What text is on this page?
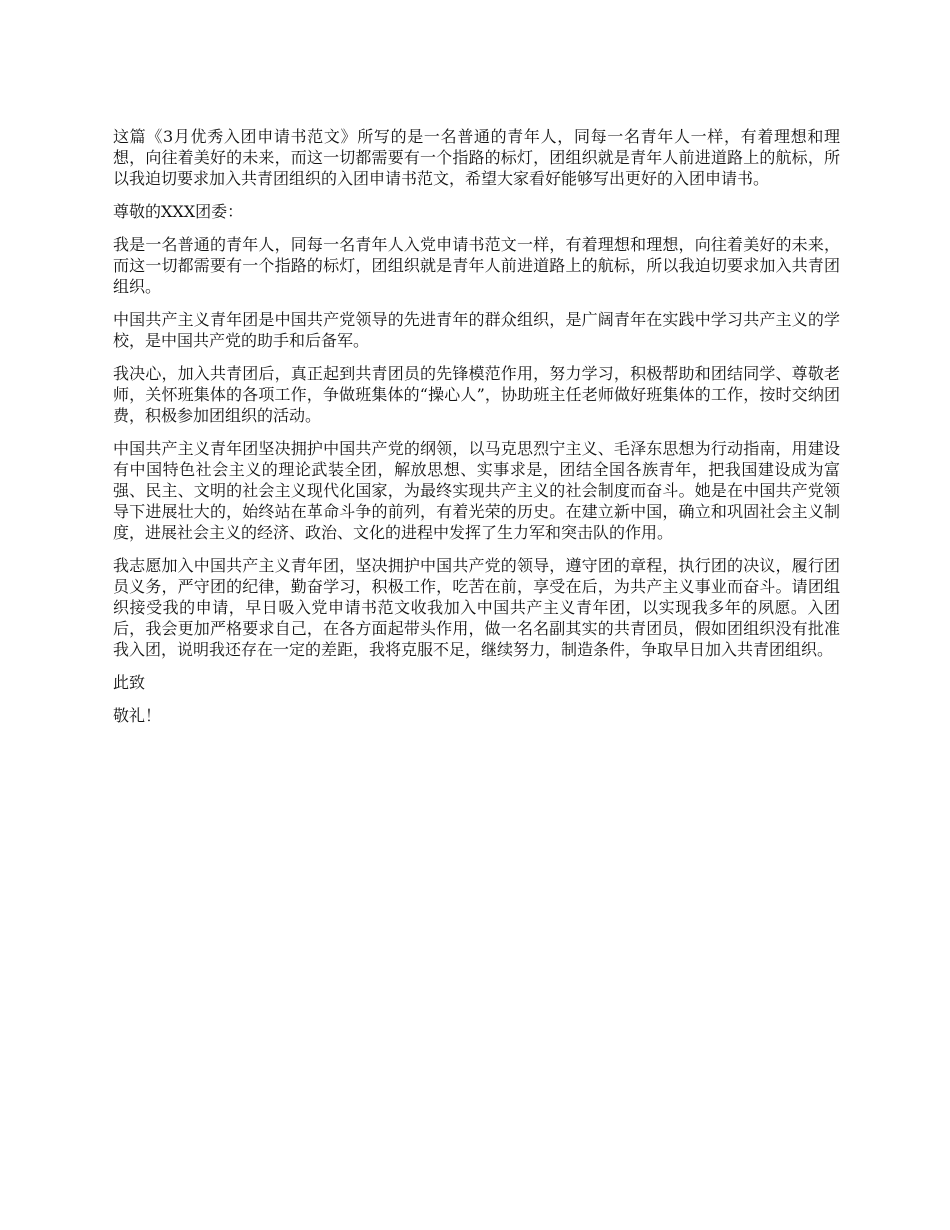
这篇《3月优秀入团申请书范文》所写的是一名普通的青年人，同每一名青年人一样，有着理想和理想，向往着美好的未来，而这一切都需要有一个指路的标灯，团组织就是青年人前进道路上的航标，所以我迫切要求加入共青团组织的入团申请书范文，希望大家看好能够写出更好的入团申请书。

尊敬的XXX团委：

我是一名普通的青年人，同每一名青年人入党申请书范文一样，有着理想和理想，向往着美好的未来，而这一切都需要有一个指路的标灯，团组织就是青年人前进道路上的航标，所以我迫切要求加入共青团组织。

中国共产主义青年团是中国共产党领导的先进青年的群众组织，是广阔青年在实践中学习共产主义的学校，是中国共产党的助手和后备军。

我决心，加入共青团后，真正起到共青团员的先锋模范作用，努力学习，积极帮助和团结同学、尊敬老师，关怀班集体的各项工作，争做班集体的“操心人”，协助班主任老师做好班集体的工作，按时交纳团费，积极参加团组织的活动。

中国共产主义青年团坚决拥护中国共产党的纲领，以马克思烈宁主义、毛泽东思想为行动指南，用建设有中国特色社会主义的理论武装全团，解放思想、实事求是，团结全国各族青年，把我国建设成为富强、民主、文明的社会主义现代化国家，为最终实现共产主义的社会制度而奋斗。她是在中国共产党领导下进展壮大的，始终站在革命斗争的前列，有着光荣的历史。在建立新中国，确立和巩固社会主义制度，进展社会主义的经济、政治、文化的进程中发挥了生力军和突击队的作用。

我志愿加入中国共产主义青年团，坚决拥护中国共产党的领导，遵守团的章程，执行团的决议，履行团员义务，严守团的纪律，勤奋学习，积极工作，吃苦在前，享受在后，为共产主义事业而奋斗。请团组织接受我的申请，早日吸入党申请书范文收我加入中国共产主义青年团，以实现我多年的夙愿。入团后，我会更加严格要求自己，在各方面起带头作用，做一名名副其实的共青团员，假如团组织没有批准我入团，说明我还存在一定的差距，我将克服不足，继续努力，制造条件，争取早日加入共青团组织。

此致

敬礼！
